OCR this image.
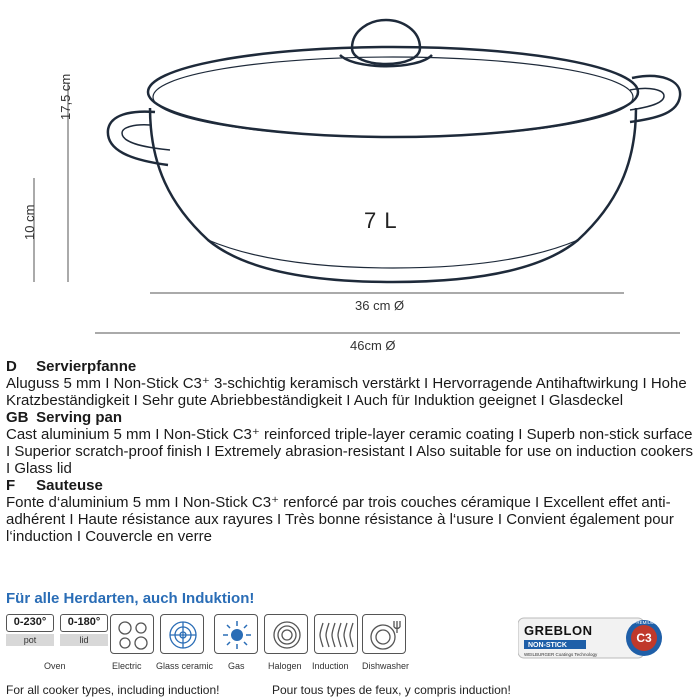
17,5 cm
10 cm
36 cm Ø
46cm Ø
7 L
D Servierpfanne
Aluguss 5 mm I Non-Stick C3⁺ 3-schichtig keramisch verstärkt I Hervorragende Antihaftwirkung I Hohe Kratzbeständigkeit I Sehr gute Abriebbeständigkeit I Auch für Induktion geeignet I Glasdeckel
GB Serving pan
Cast aluminium 5 mm I Non-Stick C3⁺ reinforced triple-layer ceramic coating I Superb non-stick surface I Superior scratch-proof finish I Extremely abrasion-resistant I Also suitable for use on induction cookers I Glass lid
F Sauteuse
Fonte d‘aluminium 5 mm I Non-Stick C3⁺ renforcé par trois couches céramique I Excellent effet anti-adhérent I Haute résistance aux rayures I Très bonne résistance à l‘usure I Convient également pour l‘induction I Couvercle en verre
Für alle Herdarten, auch Induktion!
0-230°
pot
0-180°
lid
Oven	Electric Glass ceramic Gas	Halogen Induction Dishwasher
GREBLON
NON-STICK
WEILBURGER Coatings Technology
C3
PREMIUM
For all cooker types, including induction!	Pour tous types de feux, y compris induction!
